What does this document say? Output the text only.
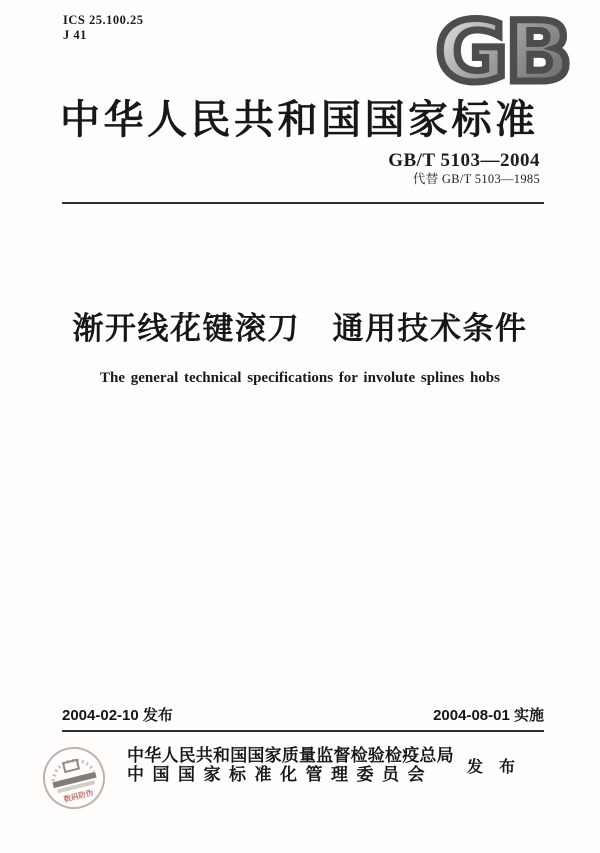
ICS 25.100.25
J 41	GB
中华人民共和国国家标准
GB/T 5103—2004
代替 GB/T 5103—1985
渐开线花键滚刀　通用技术条件
The general technical specifications for involute splines hobs
2004-02-10 发布	2004-08-01 实施
数码防伪
中华人民共和国国家质量监督检验检疫总局
中国国家标准化管理委员会	发 布
